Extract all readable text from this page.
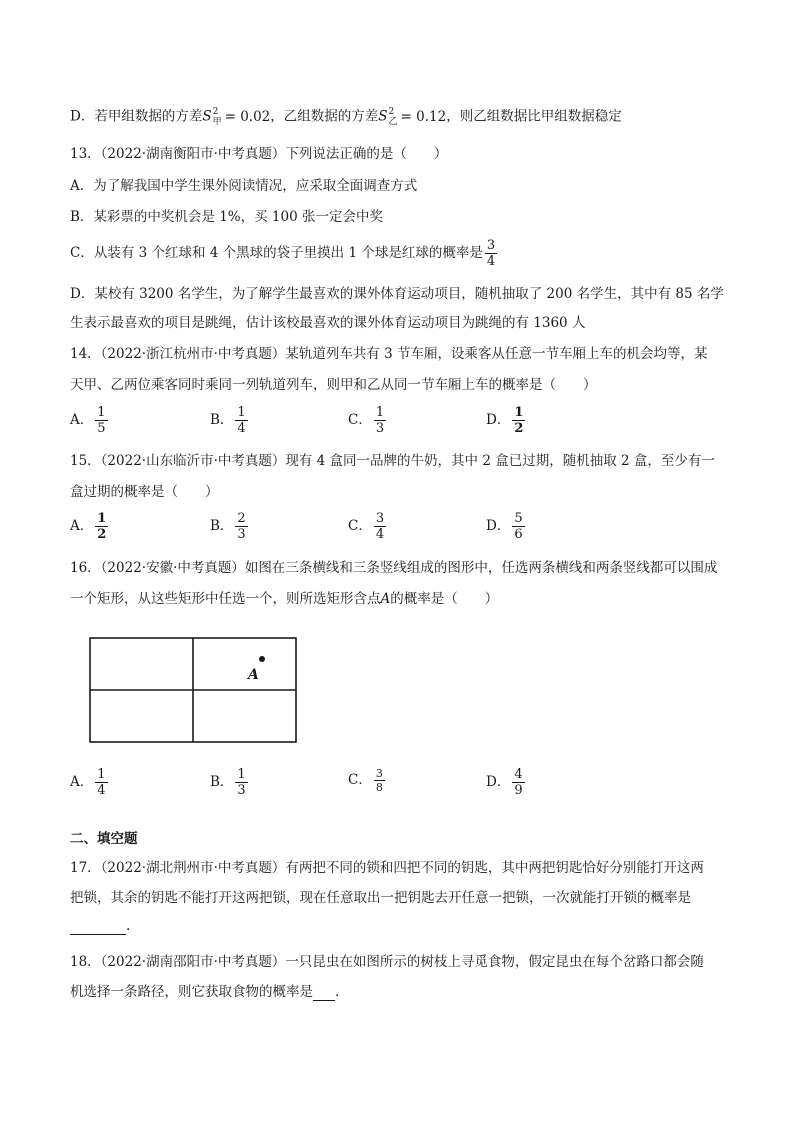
D．若甲组数据的方差S 2
甲 = 0.02，乙组数据的方差S 2
乙 = 0.12，则乙组数据比甲组数据稳定
13．（2022·湖南衡阳市·中考真题）下列说法正确的是（　　）
A．为了解我国中学生课外阅读情况，应采取全面调查方式
B．某彩票的中奖机会是 1%，买 100 张一定会中奖
C．从装有 3 个红球和 4 个黑球的袋子里摸出 1 个球是红球的概率是 $\frac{3}{4}$
D．某校有 3200 名学生，为了解学生最喜欢的课外体育运动项目，随机抽取了 200 名学生，其中有 85 名学
生表示最喜欢的项目是跳绳，估计该校最喜欢的课外体育运动项目为跳绳的有 1360 人
14．（2022·浙江杭州市·中考真题）某轨道列车共有 3 节车厢，设乘客从任意一节车厢上车的机会均等，某
天甲、乙两位乘客同时乘同一列轨道列车，则甲和乙从同一节车厢上车的概率是（　　）
A． $\frac{1}{5}$	B． $\frac{1}{4}$	C． $\frac{1}{3}$	D． $\frac{1}{2}$
15．（2022·山东临沂市·中考真题）现有 4 盒同一品牌的牛奶，其中 2 盒已过期，随机抽取 2 盒，至少有一
盒过期的概率是（　　）
A． $\frac{1}{2}$	B． $\frac{2}{3}$	C． $\frac{3}{4}$	D． $\frac{5}{6}$
16．（2022·安徽·中考真题）如图在三条横线和三条竖线组成的图形中，任选两条横线和两条竖线都可以围成
一个矩形，从这些矩形中任选一个，则所选矩形含点A的概率是（　　）
A
A． $\frac{1}{4}$	B． $\frac{1}{3}$	C． $\frac{3}{8}$	D． $\frac{4}{9}$
二、填空题
17．（2022·湖北荆州市·中考真题）有两把不同的锁和四把不同的钥匙，其中两把钥匙恰好分别能打开这两
把锁，其余的钥匙不能打开这两把锁，现在任意取出一把钥匙去开任意一把锁，一次就能打开锁的概率是
.
18．（2022·湖南邵阳市·中考真题）一只昆虫在如图所示的树枝上寻觅食物，假定昆虫在每个岔路口都会随
机选择一条路径，则它获取食物的概率是 .
